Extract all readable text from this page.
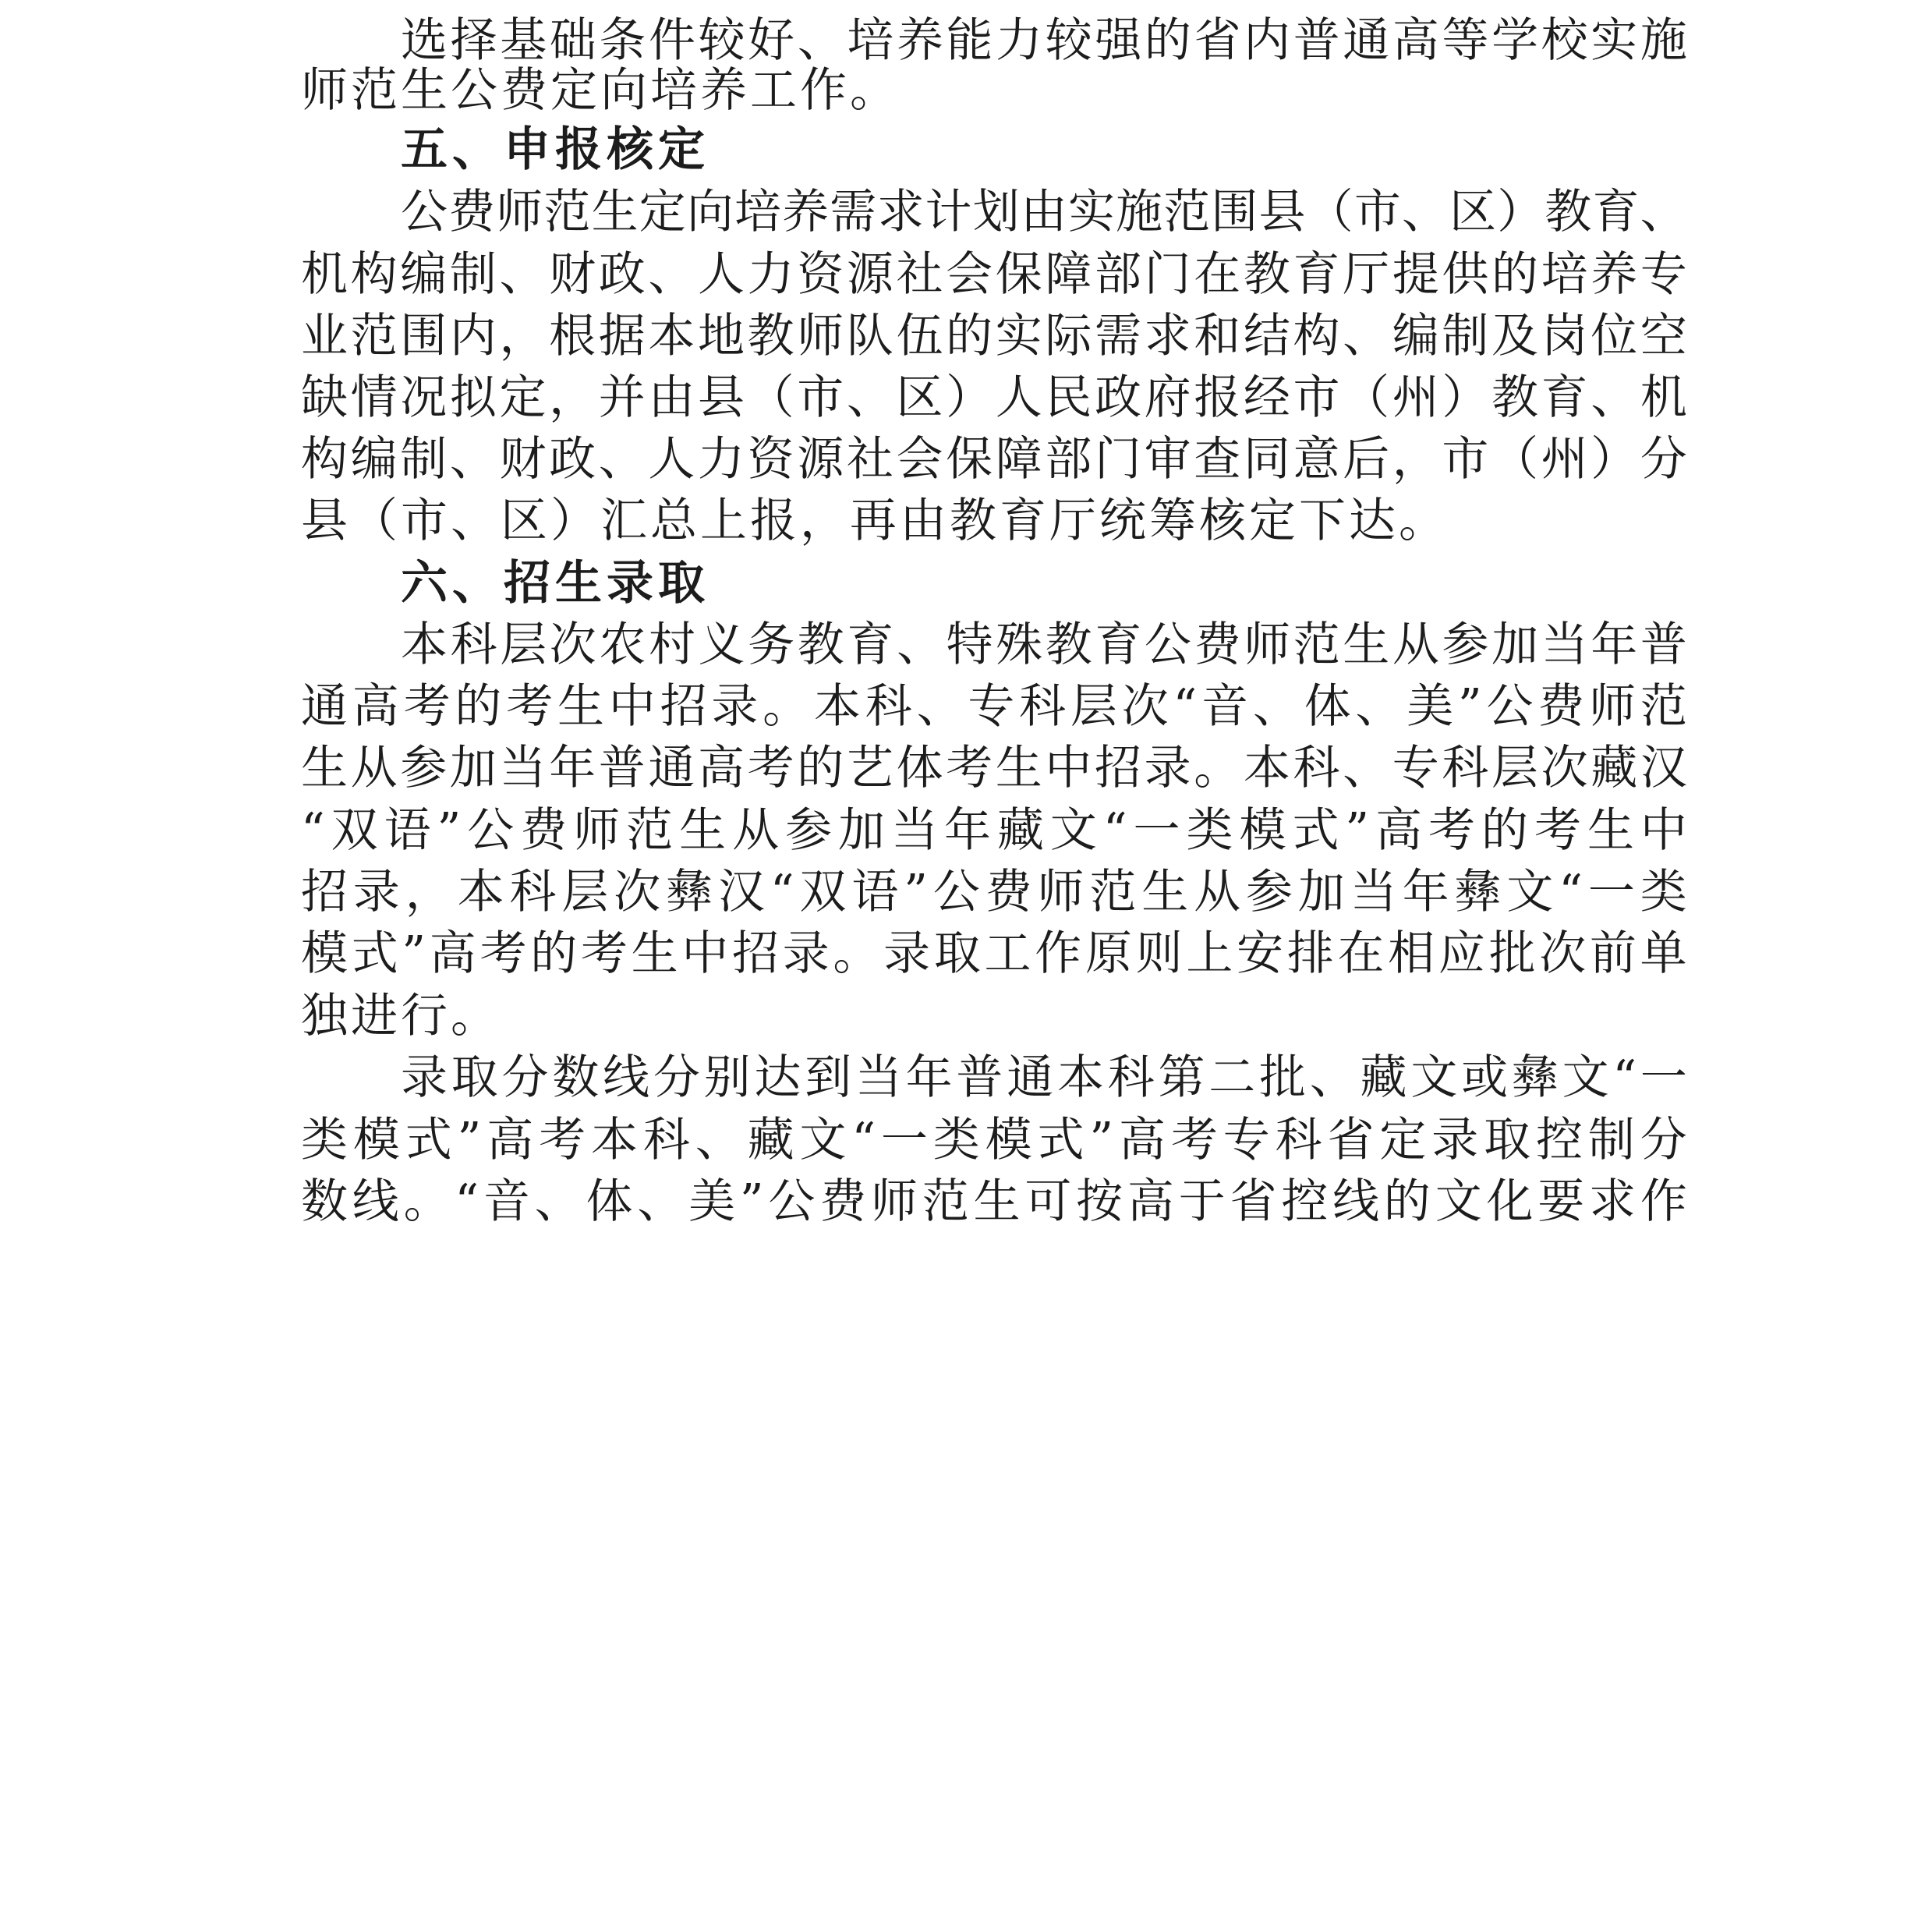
选 择 基 础 条 件 较 好 、 培 养 能 力 较 强 的 省 内 普 通 高 等 学 校 实 施
师范生公费定向培养工作。
五、申报核定
公 费 师 范 生 定 向 培 养 需 求 计 划 由 实 施 范 围 县 （ 市 、 区 ） 教 育 、
机 构 编 制 、 财 政 、 人 力 资 源 社 会 保 障 部 门 在 教 育 厅 提 供 的 培 养 专
业 范 围 内 ， 根 据 本 地 教 师 队 伍 的 实 际 需 求 和 结 构 、 编 制 及 岗 位 空
缺 情 况 拟 定 ， 并 由 县 （ 市 、 区 ） 人 民 政 府 报 经 市 （ 州 ） 教 育 、 机
构 编 制 、 财 政 、 人 力 资 源 社 会 保 障 部 门 审 查 同 意 后 ， 市 （ 州 ） 分
县（市、区）汇总上报，再由教育厅统筹核定下达。
六、招生录取
本 科 层 次 农 村 义 务 教 育 、 特 殊 教 育 公 费 师 范 生 从 参 加 当 年 普
通 高 考 的 考 生 中 招 录 。 本 科 、 专 科 层 次 “ 音 、 体 、 美 ” 公 费 师 范
生 从 参 加 当 年 普 通 高 考 的 艺 体 考 生 中 招 录 。 本 科 、 专 科 层 次 藏 汉
“ 双 语 ” 公 费 师 范 生 从 参 加 当 年 藏 文 “ 一 类 模 式 ” 高 考 的 考 生 中
招 录 ， 本 科 层 次 彝 汉 “ 双 语 ” 公 费 师 范 生 从 参 加 当 年 彝 文 “ 一 类
模 式 ” 高 考 的 考 生 中 招 录 。 录 取 工 作 原 则 上 安 排 在 相 应 批 次 前 单
独进行。
录 取 分 数 线 分 别 达 到 当 年 普 通 本 科 第 二 批 、 藏 文 或 彝 文 “ 一
类 模 式 ” 高 考 本 科 、 藏 文 “ 一 类 模 式 ” 高 考 专 科 省 定 录 取 控 制 分
数 线 。 “ 音 、 体 、 美 ” 公 费 师 范 生 可 按 高 于 省 控 线 的 文 化 要 求 作
